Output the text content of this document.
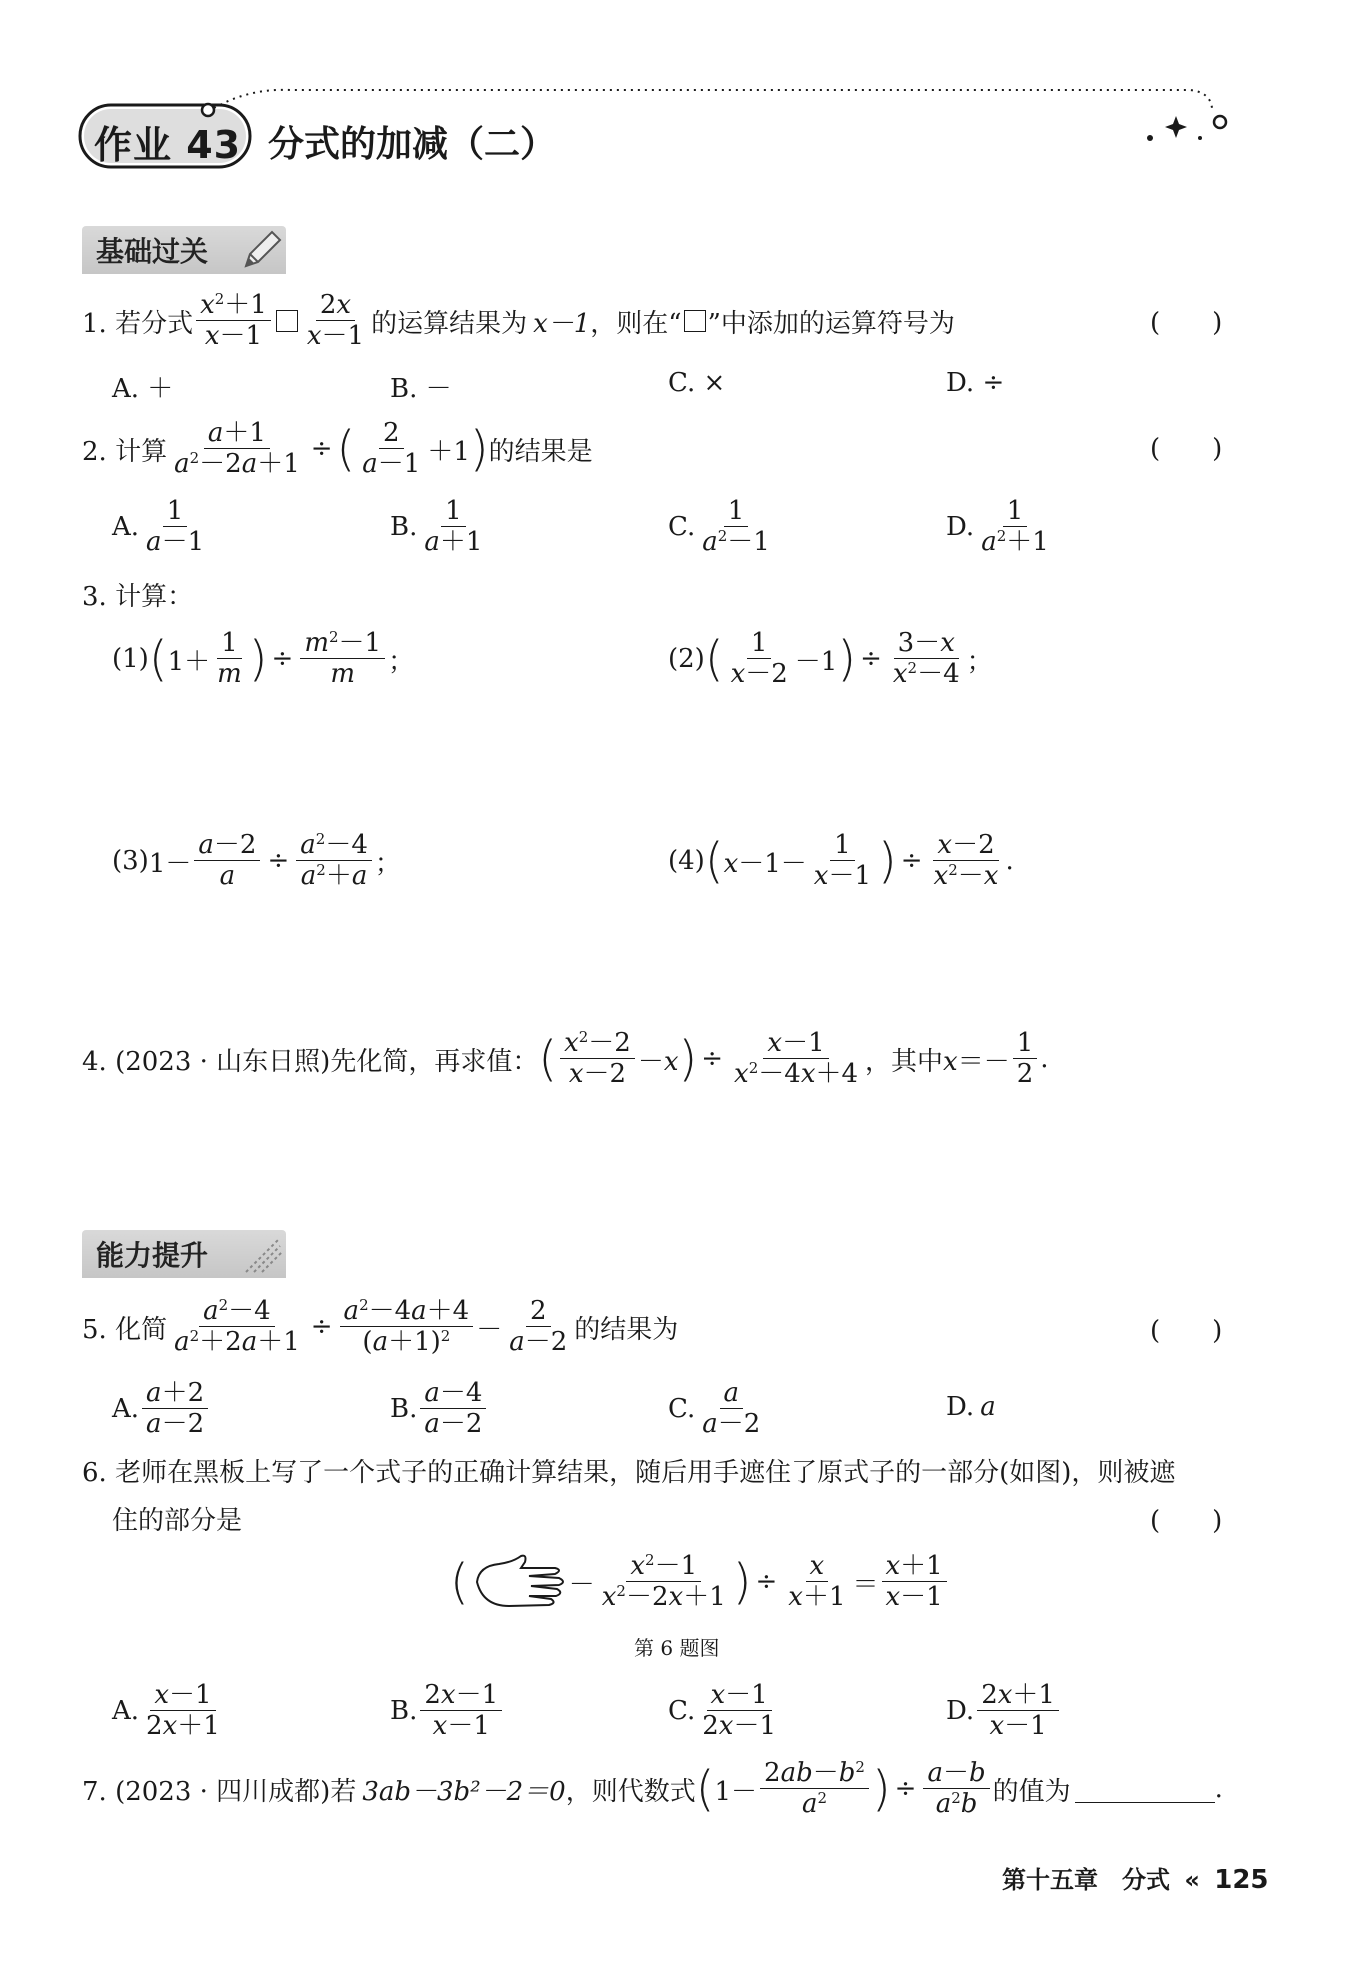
作业 43 分式的加减（二）
基础过关
1. 若分式 $\frac{x^2+1}{x-1} \frac{2x}{x-1}$ 的运算结果为 x－1 ，则在“ ”中添加的运算符号为	(　　)
A. ＋	B. －	C. ×	D. ÷
2. 计算 $\frac{a+1}{a^2-2a+1}$ ÷ ( $\frac{2}{a-1} +1$ ) 的结果是	(　　)
A. $\frac{1}{a-1}$	B. $\frac{1}{a+1}$	C. $\frac{1}{a^2-1}$	D. $\frac{1}{a^2+1}$
3. 计算：
(1) ( $1+ \frac{1}{m}$ ) ÷ $\frac{m^2-1}{m}$ ；	(2) ( $\frac{1}{x-2} -1$ ) ÷ $\frac{3-x}{x^2-4}$ ；
(3) $1- \frac{a-2}{a} \div \frac{a^2-4}{a^2+a}$ ；	(4) ( $x-1- \frac{1}{x-1}$ ) ÷ $\frac{x-2}{x^2-x}$ .
4. (2023 · 山东日照)先化简，再求值： ( $\frac{x^2-2}{x-2} -x$ ) ÷ $\frac{x-1}{x^2-4x+4}$ ，其中 $x=- \frac{1}{2}$ .
能力提升
5. 化简 $\frac{a^2-4}{a^2+2a+1} \div \frac{a^2-4a+4}{(a+1)^2} - \frac{2}{a-2}$ 的结果为	(　　)
A. $\frac{a+2}{a-2}$	B. $\frac{a-4}{a-2}$	C. $\frac{a}{a-2}$	D. a
6. 老师在黑板上写了一个式子的正确计算结果，随后用手遮住了原式子的一部分(如图)，则被遮
住的部分是	(　　)
(	－ $\frac{x^2-1}{x^2-2x+1}$ ) ÷ $\frac{x}{x+1} = \frac{x+1}{x-1}$
第 6 题图
A. $\frac{x-1}{2x+1}$	B. $\frac{2x-1}{x-1}$	C. $\frac{x-1}{2x-1}$	D. $\frac{2x+1}{x-1}$
7. (2023 · 四川成都)若 3ab－3b²－2＝0 ，则代数式 ( $1- \frac{2ab-b^2}{a^2}$ ) ÷ $\frac{a-b}{a^2b}$ 的值为	.
第十五章　分式 « 125
